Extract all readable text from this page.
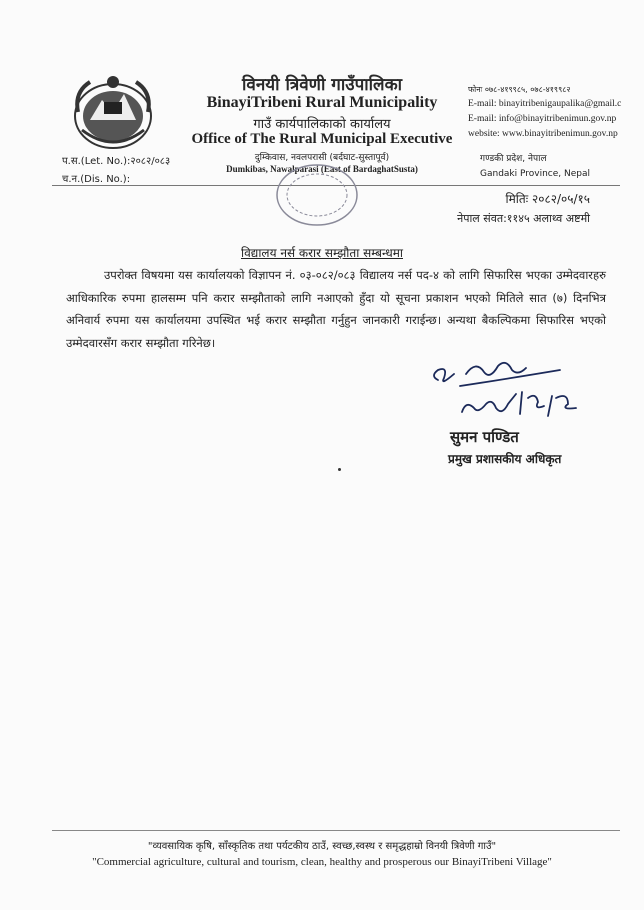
विनयी त्रिवेणी गाउँपालिका
BinayiTribeni Rural Municipality
गाउँ कार्यपालिकाको कार्यालय
Office of The Rural Municipal Executive
दुम्किवास, नवलपरासी (बर्दघाट-सुस्तापूर्व)
Dumkibas, Nawalparasi (East of BardaghatSusta)
फोनः ०७८-४१९९८५, ०७८-४१९९८२
E-mail: binayitribenigaupalika@gmail.c
E-mail: info@binayitribenimun.gov.np
website: www.binayitribenimun.gov.np
गण्डकी प्रदेश, नेपाल
Gandaki Province, Nepal
प.स.(Let. No.):२०८२/०८३
च.न.(Dis. No.):
मितिः २०८२/०५/१५
नेपाल संवत:११४५ अलाथ्व अष्टमी
विद्यालय नर्स करार सम्झौता सम्बन्धमा
उपरोक्त विषयमा यस कार्यालयको विज्ञापन नं. ०३-०८२/०८३ विद्यालय नर्स पद-४ को लागि सिफारिस भएका उम्मेदवारहरु आधिकारिक रुपमा हालसम्म पनि करार सम्झौताको लागि नआएको हुँदा यो सूचना प्रकाशन भएको मितिले सात (७) दिनभित्र अनिवार्य रुपमा यस कार्यालयमा उपस्थित भई करार सम्झौता गर्नुहुन जानकारी गराईन्छ। अन्यथा बैकल्पिकमा सिफारिस भएको उम्मेदवारसँग करार सम्झौता गरिनेछ।
सुमन पण्डित
प्रमुख प्रशासकीय अधिकृत
"व्यवसायिक कृषि, साँस्कृतिक तथा पर्यटकीय ठाउँ, स्वच्छ,स्वस्थ र समृद्धहाम्रो विनयी त्रिवेणी गाउँ"
"Commercial agriculture, cultural and tourism, clean, healthy and prosperous our BinayiTribeni Village"
